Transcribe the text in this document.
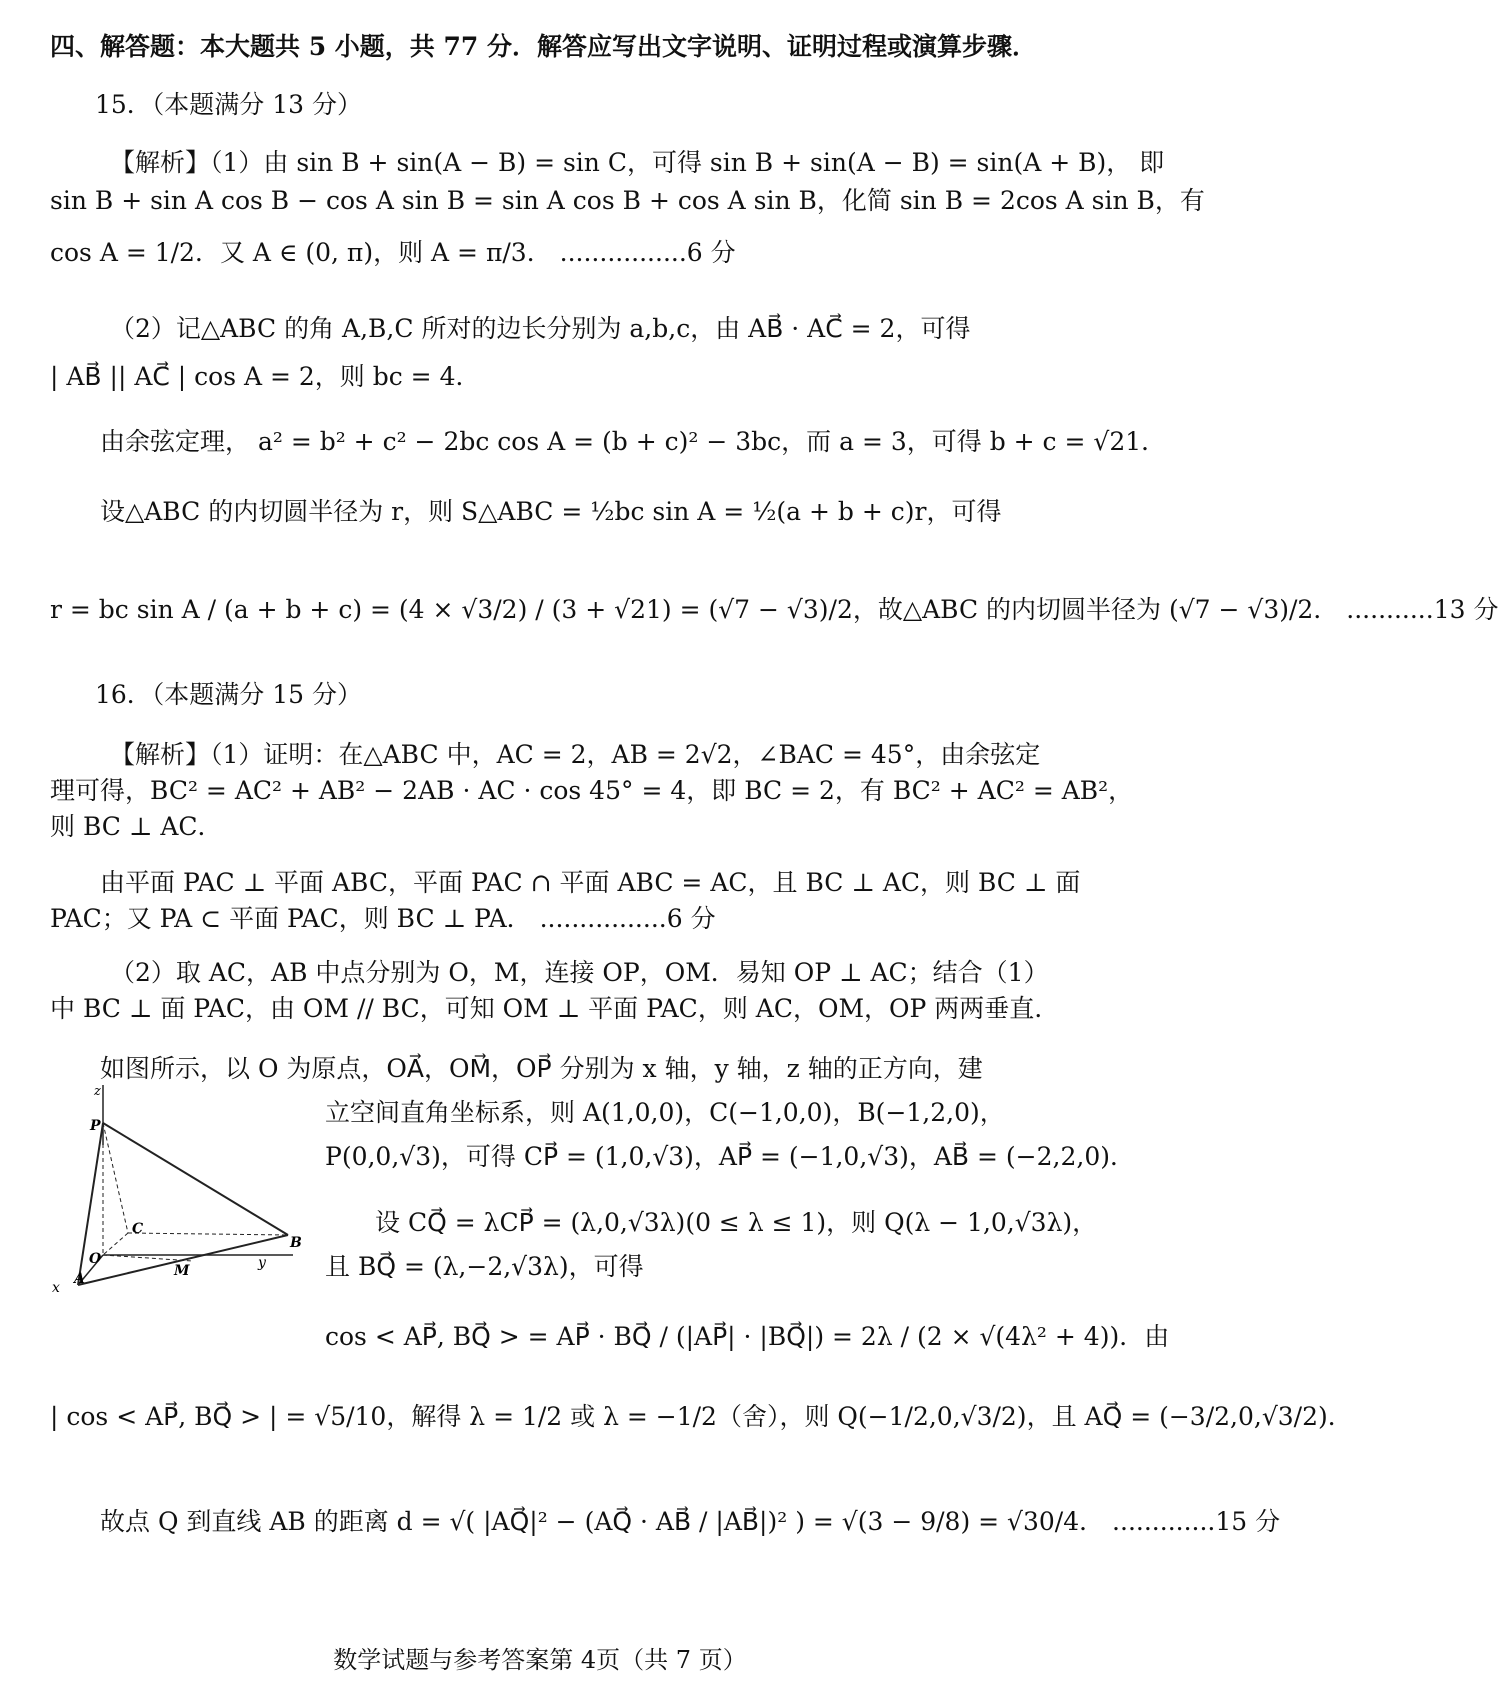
四、解答题：本大题共 5 小题，共 77 分．解答应写出文字说明、证明过程或演算步骤．
15．（本题满分 13 分）
【解析】（1）由 sin B + sin(A − B) = sin C，可得 sin B + sin(A − B) = sin(A + B)， 即
sin B + sin A cos B − cos A sin B = sin A cos B + cos A sin B，化简 sin B = 2cos A sin B，有
cos A = 1/2．又 A ∈ (0, π)，则 A = π/3． ................6 分
（2）记△ABC 的角 A,B,C 所对的边长分别为 a,b,c，由 AB⃗ · AC⃗ = 2，可得
| AB⃗ || AC⃗ | cos A = 2，则 bc = 4．
由余弦定理， a² = b² + c² − 2bc cos A = (b + c)² − 3bc，而 a = 3，可得 b + c = √21．
设△ABC 的内切圆半径为 r，则 S△ABC = ½bc sin A = ½(a + b + c)r，可得
r = bc sin A / (a + b + c) = (4 × √3/2) / (3 + √21) = (√7 − √3)/2，故△ABC 的内切圆半径为 (√7 − √3)/2． ...........13 分
16．（本题满分 15 分）
【解析】（1）证明：在△ABC 中，AC = 2，AB = 2√2，∠BAC = 45°，由余弦定
理可得，BC² = AC² + AB² − 2AB · AC · cos 45° = 4，即 BC = 2，有 BC² + AC² = AB²，
则 BC ⊥ AC．
由平面 PAC ⊥ 平面 ABC，平面 PAC ∩ 平面 ABC = AC，且 BC ⊥ AC，则 BC ⊥ 面
PAC；又 PA ⊂ 平面 PAC，则 BC ⊥ PA． ................6 分
（2）取 AC，AB 中点分别为 O，M，连接 OP，OM．易知 OP ⊥ AC；结合（1）
中 BC ⊥ 面 PAC，由 OM // BC，可知 OM ⊥ 平面 PAC，则 AC，OM，OP 两两垂直.
如图所示，以 O 为原点，OA⃗，OM⃗，OP⃗ 分别为 x 轴，y 轴，z 轴的正方向，建
立空间直角坐标系，则 A(1,0,0)，C(−1,0,0)，B(−1,2,0)，
P(0,0,√3)，可得 CP⃗ = (1,0,√3)，AP⃗ = (−1,0,√3)，AB⃗ = (−2,2,0)．
设 CQ⃗ = λCP⃗ = (λ,0,√3λ)(0 ≤ λ ≤ 1)，则 Q(λ − 1,0,√3λ)，
且 BQ⃗ = (λ,−2,√3λ)，可得
cos < AP⃗, BQ⃗ > = AP⃗ · BQ⃗ / (|AP⃗| · |BQ⃗|) = 2λ / (2 × √(4λ² + 4))．由
| cos < AP⃗, BQ⃗ > | = √5/10，解得 λ = 1/2 或 λ = −1/2（舍），则 Q(−1/2,0,√3/2)，且 AQ⃗ = (−3/2,0,√3/2)．
故点 Q 到直线 AB 的距离 d = √( |AQ⃗|² − (AQ⃗ · AB⃗ / |AB⃗|)² ) = √(3 − 9/8) = √30/4． .............15 分
z
P
C
B
O
M	y
x
A
数学试题与参考答案第 4页（共 7 页）
